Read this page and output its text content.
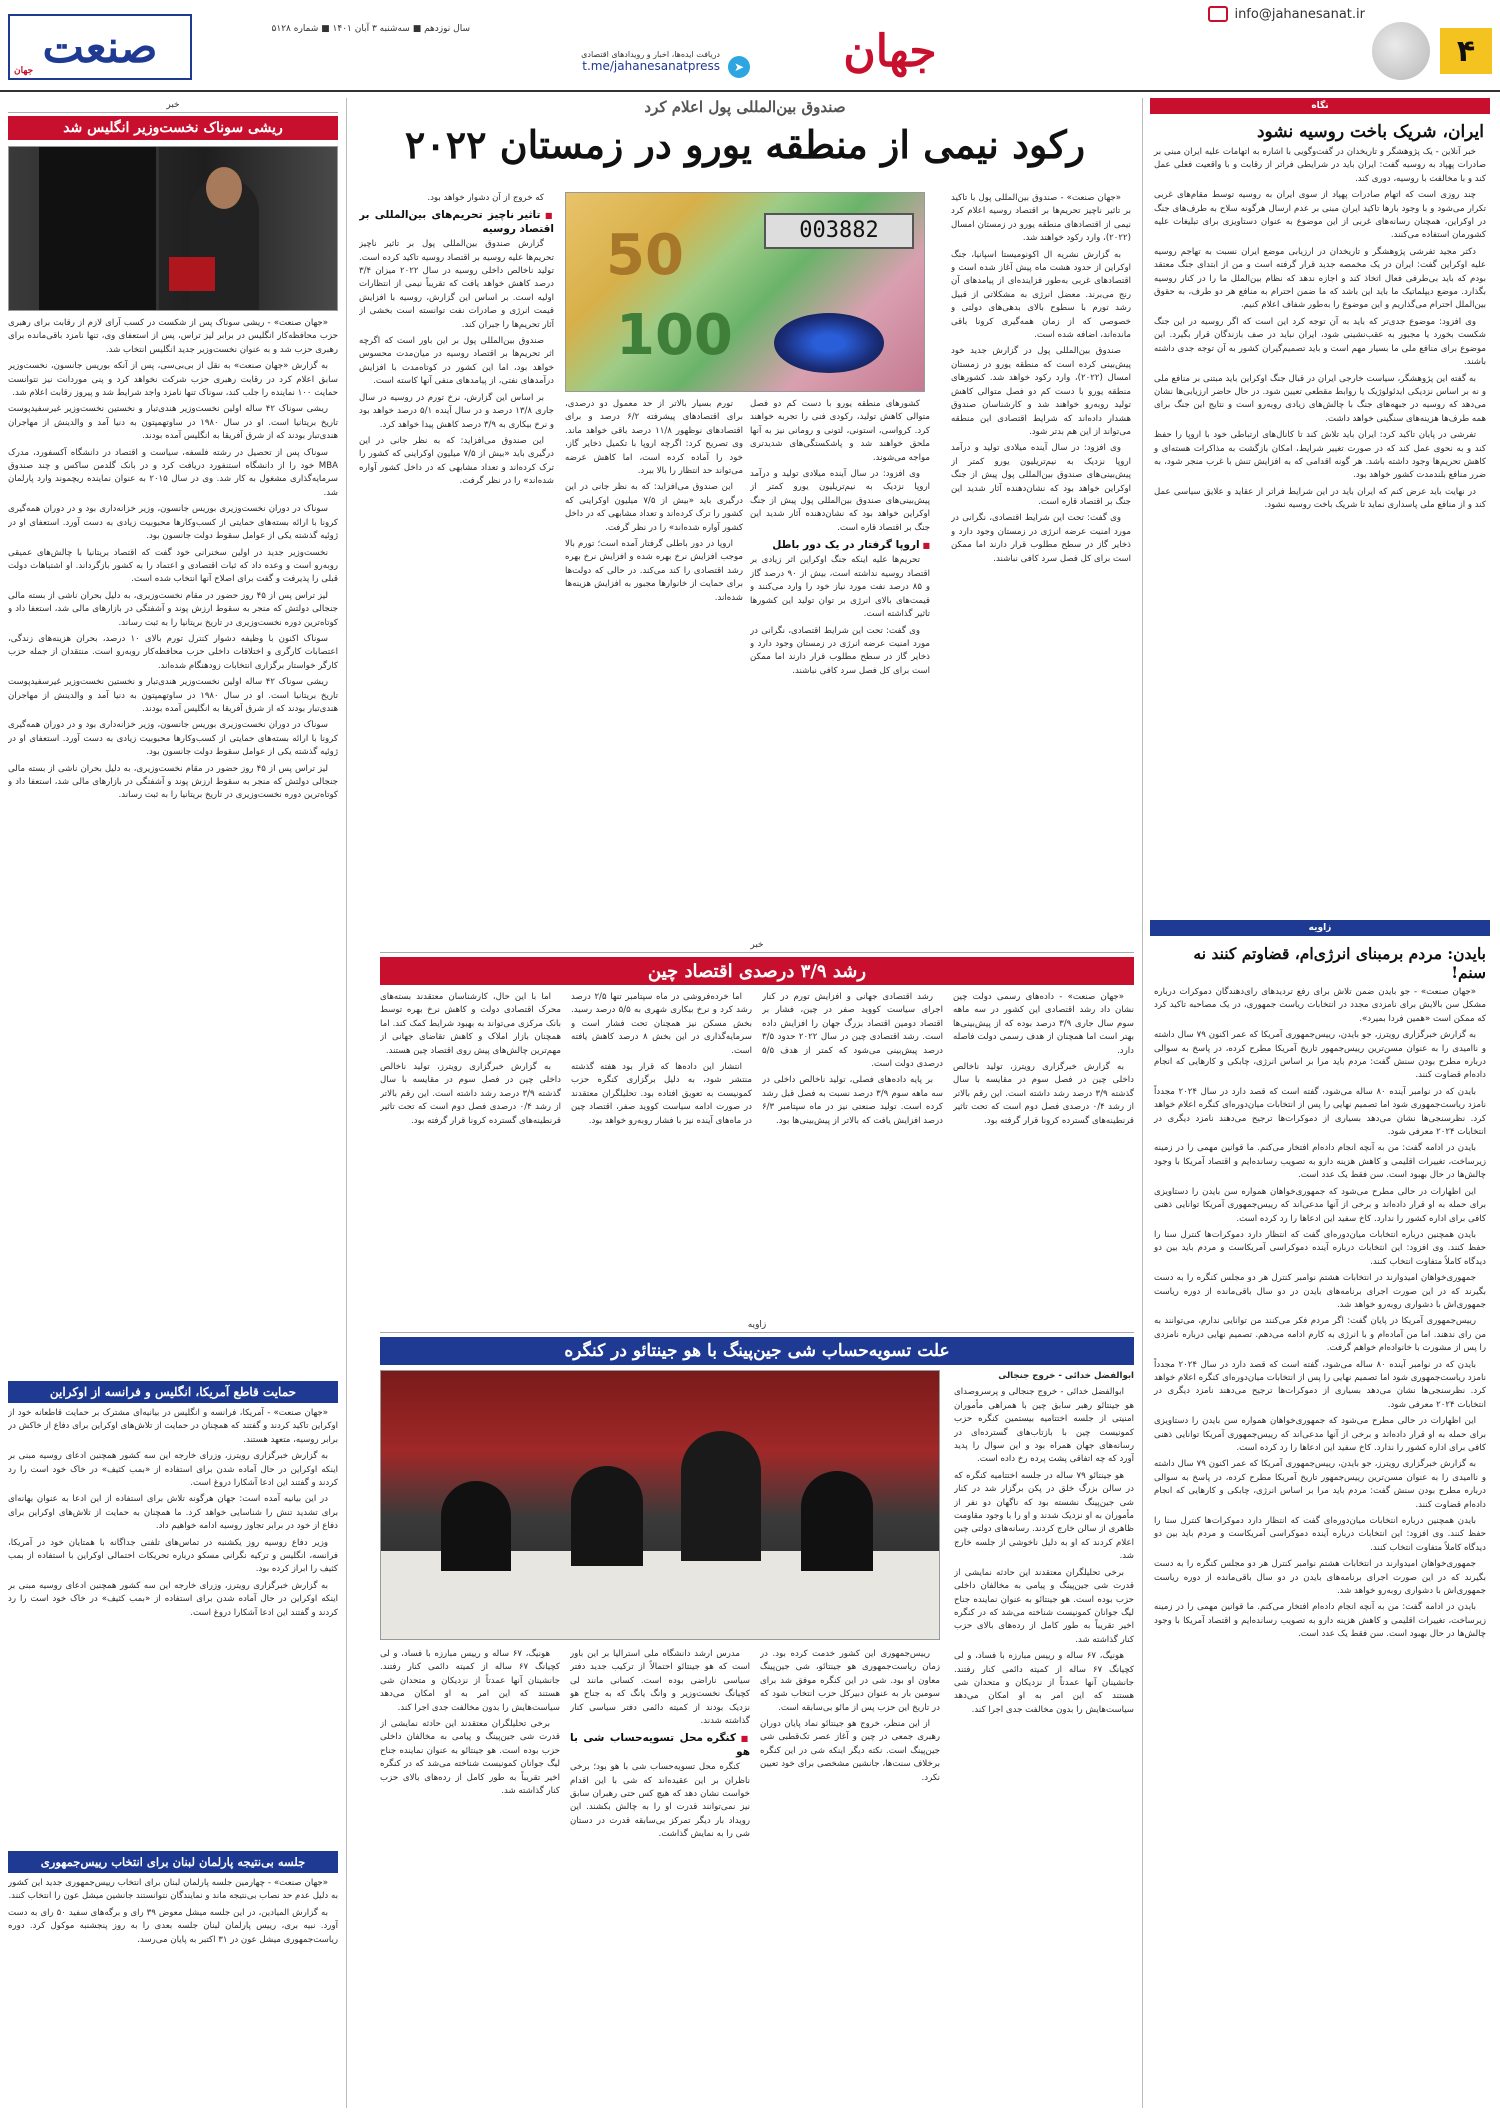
۴
info@jahanesanat.ir
جهان
دریافت ایده‌ها، اخبار و رویدادهای اقتصادی
t.me/jahanesanatpress	➤
سال نوزدهم ■ سه‌شنبه ۳ آبان ۱۴۰۱ ■ شماره ۵۱۲۸
صنعت
جهان
نگاه
ایران، شریک باخت روسیه نشود

خبر آنلاین - یک پژوهشگر و تاریخدان در گفت‌وگویی با اشاره به اتهامات علیه ایران مبنی بر صادرات پهپاد به روسیه گفت: ایران باید در شرایطی فراتر از رقابت و با واقعیت فعلی عمل کند و با مخالفت با روسیه، دوری کند.

چند روزی است که اتهام صادرات پهپاد از سوی ایران به روسیه توسط مقام‌های غربی تکرار می‌شود و با وجود بارها تاکید ایران مبنی بر عدم ارسال هرگونه سلاح به طرف‌های جنگ در اوکراین، همچنان رسانه‌های غربی از این موضوع به عنوان دستاویزی برای تبلیغات علیه کشورمان استفاده می‌کنند.

دکتر مجید تفرشی پژوهشگر و تاریخدان در ارزیابی موضع ایران نسبت به تهاجم روسیه علیه اوکراین گفت: ایران در یک مخمصه جدید قرار گرفته است و من از ابتدای جنگ معتقد بودم که باید بی‌طرفی فعال اتخاذ کند و اجازه ندهد که نظام بین‌الملل ما را در کنار روسیه بگذارد. موضع دیپلماتیک ما باید این باشد که ما ضمن احترام به منافع هر دو طرف، به حقوق بین‌الملل احترام می‌گذاریم و این موضوع را به‌طور شفاف اعلام کنیم.

وی افزود: موضوع جدی‌تر که باید به آن توجه کرد این است که اگر روسیه در این جنگ شکست بخورد یا مجبور به عقب‌نشینی شود، ایران نباید در صف بازندگان قرار بگیرد. این موضوع برای منافع ملی ما بسیار مهم است و باید تصمیم‌گیران کشور به آن توجه جدی داشته باشند.

به گفته این پژوهشگر، سیاست خارجی ایران در قبال جنگ اوکراین باید مبتنی بر منافع ملی و نه بر اساس نزدیکی ایدئولوژیک یا روابط مقطعی تعیین شود. در حال حاضر ارزیابی‌ها نشان می‌دهد که روسیه در جبهه‌های جنگ با چالش‌های زیادی روبه‌رو است و نتایج این جنگ برای همه طرف‌ها هزینه‌های سنگینی خواهد داشت.

تفرشی در پایان تاکید کرد: ایران باید تلاش کند تا کانال‌های ارتباطی خود با اروپا را حفظ کند و به نحوی عمل کند که در صورت تغییر شرایط، امکان بازگشت به مذاکرات هسته‌ای و کاهش تحریم‌ها وجود داشته باشد. هر گونه اقدامی که به افزایش تنش با غرب منجر شود، به ضرر منافع بلندمدت کشور خواهد بود.

در نهایت باید عرض کنم که ایران باید در این شرایط فراتر از عقاید و علایق سیاسی عمل کند و از منافع ملی پاسداری نماید تا شریک باخت روسیه نشود.

زاویه
بایدن: مردم برمبنای انرژی‌ام، قضاوتم کنند نه سنم!

«جهان صنعت» - جو بایدن ضمن تلاش برای رفع تردیدهای رای‌دهندگان دموکرات درباره مشکل سن بالایش برای نامزدی مجدد در انتخابات ریاست جمهوری، در یک مصاحبه تاکید کرد که ممکن است «همین فردا بمیرد».

به گزارش خبرگزاری رویترز، جو بایدن، رییس‌جمهوری آمریکا که عمر اکنون ۷۹ سال داشته و ناامیدی را به عنوان مسن‌ترین رییس‌جمهور تاریخ آمریکا مطرح کرده، در پاسخ به سوالی درباره مطرح بودن سنش گفت: مردم باید مرا بر اساس انرژی، چابکی و کارهایی که انجام داده‌ام قضاوت کنند.

بایدن که در نوامبر آینده ۸۰ ساله می‌شود، گفته است که قصد دارد در سال ۲۰۲۴ مجدداً نامزد ریاست‌جمهوری شود اما تصمیم نهایی را پس از انتخابات میان‌دوره‌ای کنگره اعلام خواهد کرد. نظرسنجی‌ها نشان می‌دهد بسیاری از دموکرات‌ها ترجیح می‌دهند نامزد دیگری در انتخابات ۲۰۲۴ معرفی شود.

بایدن در ادامه گفت: من به آنچه انجام داده‌ام افتخار می‌کنم. ما قوانین مهمی را در زمینه زیرساخت، تغییرات اقلیمی و کاهش هزینه دارو به تصویب رسانده‌ایم و اقتصاد آمریکا با وجود چالش‌ها در حال بهبود است. سن فقط یک عدد است.

این اظهارات در حالی مطرح می‌شود که جمهوری‌خواهان همواره سن بایدن را دستاویزی برای حمله به او قرار داده‌اند و برخی از آنها مدعی‌اند که رییس‌جمهوری آمریکا توانایی ذهنی کافی برای اداره کشور را ندارد. کاخ سفید این ادعاها را رد کرده است.

بایدن همچنین درباره انتخابات میان‌دوره‌ای گفت که انتظار دارد دموکرات‌ها کنترل سنا را حفظ کنند. وی افزود: این انتخابات درباره آینده دموکراسی آمریکاست و مردم باید بین دو دیدگاه کاملاً متفاوت انتخاب کنند.

جمهوری‌خواهان امیدوارند در انتخابات هشتم نوامبر کنترل هر دو مجلس کنگره را به دست بگیرند که در این صورت اجرای برنامه‌های بایدن در دو سال باقی‌مانده از دوره ریاست جمهوری‌اش با دشواری روبه‌رو خواهد شد.

رییس‌جمهوری آمریکا در پایان گفت: اگر مردم فکر می‌کنند من توانایی ندارم، می‌توانند به من رای ندهند. اما من آماده‌ام و با انرژی به کارم ادامه می‌دهم. تصمیم نهایی درباره نامزدی را پس از مشورت با خانواده‌ام خواهم گرفت.

بایدن که در نوامبر آینده ۸۰ ساله می‌شود، گفته است که قصد دارد در سال ۲۰۲۴ مجدداً نامزد ریاست‌جمهوری شود اما تصمیم نهایی را پس از انتخابات میان‌دوره‌ای کنگره اعلام خواهد کرد. نظرسنجی‌ها نشان می‌دهد بسیاری از دموکرات‌ها ترجیح می‌دهند نامزد دیگری در انتخابات ۲۰۲۴ معرفی شود.

این اظهارات در حالی مطرح می‌شود که جمهوری‌خواهان همواره سن بایدن را دستاویزی برای حمله به او قرار داده‌اند و برخی از آنها مدعی‌اند که رییس‌جمهوری آمریکا توانایی ذهنی کافی برای اداره کشور را ندارد. کاخ سفید این ادعاها را رد کرده است.

به گزارش خبرگزاری رویترز، جو بایدن، رییس‌جمهوری آمریکا که عمر اکنون ۷۹ سال داشته و ناامیدی را به عنوان مسن‌ترین رییس‌جمهور تاریخ آمریکا مطرح کرده، در پاسخ به سوالی درباره مطرح بودن سنش گفت: مردم باید مرا بر اساس انرژی، چابکی و کارهایی که انجام داده‌ام قضاوت کنند.

بایدن همچنین درباره انتخابات میان‌دوره‌ای گفت که انتظار دارد دموکرات‌ها کنترل سنا را حفظ کنند. وی افزود: این انتخابات درباره آینده دموکراسی آمریکاست و مردم باید بین دو دیدگاه کاملاً متفاوت انتخاب کنند.

جمهوری‌خواهان امیدوارند در انتخابات هشتم نوامبر کنترل هر دو مجلس کنگره را به دست بگیرند که در این صورت اجرای برنامه‌های بایدن در دو سال باقی‌مانده از دوره ریاست جمهوری‌اش با دشواری روبه‌رو خواهد شد.

بایدن در ادامه گفت: من به آنچه انجام داده‌ام افتخار می‌کنم. ما قوانین مهمی را در زمینه زیرساخت، تغییرات اقلیمی و کاهش هزینه دارو به تصویب رسانده‌ایم و اقتصاد آمریکا با وجود چالش‌ها در حال بهبود است. سن فقط یک عدد است.

صندوق بین‌المللی پول اعلام کرد
رکود نیمی از منطقه یورو در زمستان ۲۰۲۲
003882
50
100

«جهان صنعت» - صندوق بین‌المللی پول با تاکید بر تاثیر ناچیز تحریم‌ها بر اقتصاد روسیه اعلام کرد نیمی از اقتصادهای منطقه یورو در زمستان امسال (۲۰۲۲)، وارد رکود خواهند شد.

به گزارش نشریه ال اکونومیستا اسپانیا، جنگ اوکراین از حدود هشت ماه پیش آغاز شده است و اقتصادهای غربی به‌طور فزاینده‌ای از پیامدهای آن رنج می‌برند. معضل انرژی به مشکلاتی از قبیل رشد تورم با سطوح بالای بدهی‌های دولتی و خصوصی که از زمان همه‌گیری کرونا باقی مانده‌اند، اضافه شده است.

صندوق بین‌المللی پول در گزارش جدید خود پیش‌بینی کرده است که منطقه یورو در زمستان امسال (۲۰۲۲)، وارد رکود خواهد شد. کشورهای منطقه یورو با دست کم دو فصل متوالی کاهش تولید روبه‌رو خواهند شد و کارشناسان صندوق هشدار داده‌اند که شرایط اقتصادی این منطقه می‌تواند از این هم بدتر شود.

وی افزود: در سال آینده میلادی تولید و درآمد اروپا نزدیک به نیم‌تریلیون یورو کمتر از پیش‌بینی‌های صندوق بین‌المللی پول پیش از جنگ اوکراین خواهد بود که نشان‌دهنده آثار شدید این جنگ بر اقتصاد قاره است.

وی گفت: تحت این شرایط اقتصادی، نگرانی در مورد امنیت عرضه انرژی در زمستان وجود دارد و ذخایر گاز در سطح مطلوب قرار دارند اما ممکن است برای کل فصل سرد کافی نباشند.

که خروج از آن دشوار خواهد بود.

■ تاثیر ناچیز تحریم‌های بین‌المللی بر اقتصاد روسیه

گزارش صندوق بین‌المللی پول بر تاثیر ناچیز تحریم‌ها علیه روسیه بر اقتصاد روسیه تاکید کرده است. تولید ناخالص داخلی روسیه در سال ۲۰۲۲ میزان ۳/۴ درصد کاهش خواهد یافت که تقریباً نیمی از انتظارات اولیه است. بر اساس این گزارش، روسیه با افزایش قیمت انرژی و صادرات نفت توانسته است بخشی از آثار تحریم‌ها را جبران کند.

صندوق بین‌المللی پول بر این باور است که اگرچه اثر تحریم‌ها بر اقتصاد روسیه در میان‌مدت محسوس خواهد بود، اما این کشور در کوتاه‌مدت با افزایش درآمدهای نفتی، از پیامدهای منفی آنها کاسته است.

بر اساس این گزارش، نرخ تورم در روسیه در سال جاری ۱۳/۸ درصد و در سال آینده ۵/۱ درصد خواهد بود و نرخ بیکاری به ۳/۹ درصد کاهش پیدا خواهد کرد.

این صندوق می‌افزاید: که به نظر جانی در این درگیری باید «بیش از ۷/۵ میلیون اوکراینی که کشور را ترک کرده‌اند و تعداد مشابهی که در داخل کشور آواره شده‌اند» را در نظر گرفت.

کشورهای منطقه یورو با دست کم دو فصل متوالی کاهش تولید، رکودی فنی را تجربه خواهند کرد. کرواسی، استونی، لتونی و رومانی نیز به آنها ملحق خواهند شد و پاشکستگی‌های شدیدتری مواجه می‌شوند.

وی افزود: در سال آینده میلادی تولید و درآمد اروپا نزدیک به نیم‌تریلیون یورو کمتر از پیش‌بینی‌های صندوق بین‌المللی پول پیش از جنگ اوکراین خواهد بود که نشان‌دهنده آثار شدید این جنگ بر اقتصاد قاره است.

■ اروپا گرفتار در یک دور باطل

تحریم‌ها علیه اینکه جنگ اوکراین اثر زیادی بر اقتصاد روسیه نداشته است، بیش از ۹۰ درصد گاز و ۸۵ درصد نفت مورد نیاز خود را وارد می‌کنند و قیمت‌های بالای انرژی بر توان تولید این کشورها تاثیر گذاشته است.

وی گفت: تحت این شرایط اقتصادی، نگرانی در مورد امنیت عرضه انرژی در زمستان وجود دارد و ذخایر گاز در سطح مطلوب قرار دارند اما ممکن است برای کل فصل سرد کافی نباشند.

تورم بسیار بالاتر از حد معمول دو درصدی، برای اقتصادهای پیشرفته ۶/۲ درصد و برای اقتصادهای نوظهور ۱۱/۸ درصد باقی خواهد ماند. وی تصریح کرد: اگرچه اروپا با تکمیل ذخایر گاز، خود را آماده کرده است، اما کاهش عرضه می‌تواند حد انتظار را بالا ببرد.

این صندوق می‌افزاید: که به نظر جانی در این درگیری باید «بیش از ۷/۵ میلیون اوکراینی که کشور را ترک کرده‌اند و تعداد مشابهی که در داخل کشور آواره شده‌اند» را در نظر گرفت.

اروپا در دور باطلی گرفتار آمده است؛ تورم بالا موجب افزایش نرخ بهره شده و افزایش نرخ بهره رشد اقتصادی را کند می‌کند. در حالی که دولت‌ها برای حمایت از خانوارها مجبور به افزایش هزینه‌ها شده‌اند.

خبر
رشد ۳/۹ درصدی اقتصاد چین

«جهان صنعت» - داده‌های رسمی دولت چین نشان داد رشد اقتصادی این کشور در سه ماهه سوم سال جاری ۳/۹ درصد بوده که از پیش‌بینی‌ها بهتر است اما همچنان از هدف رسمی دولت فاصله دارد.

به گزارش خبرگزاری رویترز، تولید ناخالص داخلی چین در فصل سوم در مقایسه با سال گذشته ۳/۹ درصد رشد داشته است. این رقم بالاتر از رشد ۰/۴ درصدی فصل دوم است که تحت تاثیر قرنطینه‌های گسترده کرونا قرار گرفته بود.

رشد اقتصادی جهانی و افزایش تورم در کنار اجرای سیاست کووید صفر در چین، فشار بر اقتصاد دومین اقتصاد بزرگ جهان را افزایش داده است. رشد اقتصادی چین در سال ۲۰۲۲ حدود ۳/۵ درصد پیش‌بینی می‌شود که کمتر از هدف ۵/۵ درصدی دولت است.

بر پایه داده‌های فصلی، تولید ناخالص داخلی در سه ماهه سوم ۳/۹ درصد نسبت به فصل قبل رشد کرده است. تولید صنعتی نیز در ماه سپتامبر ۶/۳ درصد افزایش یافت که بالاتر از پیش‌بینی‌ها بود.

اما خرده‌فروشی در ماه سپتامبر تنها ۲/۵ درصد رشد کرد و نرخ بیکاری شهری به ۵/۵ درصد رسید. بخش مسکن نیز همچنان تحت فشار است و سرمایه‌گذاری در این بخش ۸ درصد کاهش یافته است.

انتشار این داده‌ها که قرار بود هفته گذشته منتشر شود، به دلیل برگزاری کنگره حزب کمونیست به تعویق افتاده بود. تحلیلگران معتقدند در صورت ادامه سیاست کووید صفر، اقتصاد چین در ماه‌های آینده نیز با فشار روبه‌رو خواهد بود.

اما با این حال، کارشناسان معتقدند بسته‌های محرک اقتصادی دولت و کاهش نرخ بهره توسط بانک مرکزی می‌تواند به بهبود شرایط کمک کند. اما همچنان بازار املاک و کاهش تقاضای جهانی از مهم‌ترین چالش‌های پیش روی اقتصاد چین هستند.

به گزارش خبرگزاری رویترز، تولید ناخالص داخلی چین در فصل سوم در مقایسه با سال گذشته ۳/۹ درصد رشد داشته است. این رقم بالاتر از رشد ۰/۴ درصدی فصل دوم است که تحت تاثیر قرنطینه‌های گسترده کرونا قرار گرفته بود.

زاویه
علت تسویه‌حساب شی جین‌پینگ با هو جینتائو در کنگره

ابوالفضل خدائی - خروج جنجالی

ابوالفضل خدائی - خروج جنجالی و پرسروصدای هو جینتائو رهبر سابق چین با همراهی مأموران امنیتی از جلسه اختتامیه بیستمین کنگره حزب کمونیست چین با بازتاب‌های گسترده‌ای در رسانه‌های جهان همراه بود و این سوال را پدید آورد که چه اتفاقی پشت پرده رخ داده است.

هو جینتائو ۷۹ ساله در جلسه اختتامیه کنگره که در سالن بزرگ خلق در پکن برگزار شد در کنار شی جین‌پینگ نشسته بود که ناگهان دو نفر از مأموران به او نزدیک شدند و او را با وجود مقاومت ظاهری از سالن خارج کردند. رسانه‌های دولتی چین اعلام کردند که او به دلیل ناخوشی از جلسه خارج شد.

برخی تحلیلگران معتقدند این حادثه نمایشی از قدرت شی جین‌پینگ و پیامی به مخالفان داخلی حزب بوده است. هو جینتائو به عنوان نماینده جناح لیگ جوانان کمونیست شناخته می‌شد که در کنگره اخیر تقریباً به طور کامل از رده‌های بالای حزب کنار گذاشته شد.

هونیگ، ۶۷ ساله و رییس مبارزه با فساد، و لی کچیانگ ۶۷ ساله از کمیته دائمی کنار رفتند. جانشینان آنها عمدتاً از نزدیکان و متحدان شی هستند که این امر به او امکان می‌دهد سیاست‌هایش را بدون مخالفت جدی اجرا کند.

رییس‌جمهوری این کشور خدمت کرده بود. در زمان ریاست‌جمهوری هو جینتائو، شی جین‌پینگ معاون او بود. شی در این کنگره موفق شد برای سومین بار به عنوان دبیرکل حزب انتخاب شود که در تاریخ این حزب پس از مائو بی‌سابقه است.

از این منظر، خروج هو جینتائو نماد پایان دوران رهبری جمعی در چین و آغاز عصر تک‌قطبی شی جین‌پینگ است. نکته دیگر اینکه شی در این کنگره برخلاف سنت‌ها، جانشین مشخصی برای خود تعیین نکرد.

مدرس ارشد دانشگاه ملی استرالیا بر این باور است که هو جینتائو احتمالاً از ترکیب جدید دفتر سیاسی ناراضی بوده است. کسانی مانند لی کچیانگ نخست‌وزیر و وانگ یانگ که به جناح هو نزدیک بودند از کمیته دائمی دفتر سیاسی کنار گذاشته شدند.

■ کنگره محل تسویه‌حساب شی با هو

کنگره محل تسویه‌حساب شی با هو بود؛ برخی ناظران بر این عقیده‌اند که شی با این اقدام خواست نشان دهد که هیچ کس حتی رهبران سابق نیز نمی‌توانند قدرت او را به چالش بکشند. این رویداد بار دیگر تمرکز بی‌سابقه قدرت در دستان شی را به نمایش گذاشت.

هونیگ، ۶۷ ساله و رییس مبارزه با فساد، و لی کچیانگ ۶۷ ساله از کمیته دائمی کنار رفتند. جانشینان آنها عمدتاً از نزدیکان و متحدان شی هستند که این امر به او امکان می‌دهد سیاست‌هایش را بدون مخالفت جدی اجرا کند.

برخی تحلیلگران معتقدند این حادثه نمایشی از قدرت شی جین‌پینگ و پیامی به مخالفان داخلی حزب بوده است. هو جینتائو به عنوان نماینده جناح لیگ جوانان کمونیست شناخته می‌شد که در کنگره اخیر تقریباً به طور کامل از رده‌های بالای حزب کنار گذاشته شد.

خبر
ریشی سوناک نخست‌وزیر انگلیس شد

«جهان صنعت» - ریشی سوناک پس از شکست در کسب آرای لازم از رقابت برای رهبری حزب محافظه‌کار انگلیس در برابر لیز تراس، پس از استعفای وی، تنها نامزد باقی‌مانده برای رهبری حزب شد و به عنوان نخست‌وزیر جدید انگلیس انتخاب شد.

به گزارش «جهان صنعت» به نقل از بی‌بی‌سی، پس از آنکه بوریس جانسون، نخست‌وزیر سابق اعلام کرد در رقابت رهبری حزب شرکت نخواهد کرد و پنی موردانت نیز نتوانست حمایت ۱۰۰ نماینده را جلب کند، سوناک تنها نامزد واجد شرایط شد و پیروز رقابت اعلام شد.

ریشی سوناک ۴۲ ساله اولین نخست‌وزیر هندی‌تبار و نخستین نخست‌وزیر غیرسفیدپوست تاریخ بریتانیا است. او در سال ۱۹۸۰ در ساوتهمپتون به دنیا آمد و والدینش از مهاجران هندی‌تبار بودند که از شرق آفریقا به انگلیس آمده بودند.

سوناک پس از تحصیل در رشته فلسفه، سیاست و اقتصاد در دانشگاه آکسفورد، مدرک MBA خود را از دانشگاه استنفورد دریافت کرد و در بانک گلدمن ساکس و چند صندوق سرمایه‌گذاری مشغول به کار شد. وی در سال ۲۰۱۵ به عنوان نماینده ریچموند وارد پارلمان شد.

سوناک در دوران نخست‌وزیری بوریس جانسون، وزیر خزانه‌داری بود و در دوران همه‌گیری کرونا با ارائه بسته‌های حمایتی از کسب‌وکارها محبوبیت زیادی به دست آورد. استعفای او در ژوئیه گذشته یکی از عوامل سقوط دولت جانسون بود.

نخست‌وزیر جدید در اولین سخنرانی خود گفت که اقتصاد بریتانیا با چالش‌های عمیقی روبه‌رو است و وعده داد که ثبات اقتصادی و اعتماد را به کشور بازگرداند. او اشتباهات دولت قبلی را پذیرفت و گفت برای اصلاح آنها انتخاب شده است.

لیز تراس پس از ۴۵ روز حضور در مقام نخست‌وزیری، به دلیل بحران ناشی از بسته مالی جنجالی دولتش که منجر به سقوط ارزش پوند و آشفتگی در بازارهای مالی شد، استعفا داد و کوتاه‌ترین دوره نخست‌وزیری در تاریخ بریتانیا را به ثبت رساند.

سوناک اکنون با وظیفه دشوار کنترل تورم بالای ۱۰ درصد، بحران هزینه‌های زندگی، اعتصابات کارگری و اختلافات داخلی حزب محافظه‌کار روبه‌رو است. منتقدان از جمله حزب کارگر خواستار برگزاری انتخابات زودهنگام شده‌اند.

ریشی سوناک ۴۲ ساله اولین نخست‌وزیر هندی‌تبار و نخستین نخست‌وزیر غیرسفیدپوست تاریخ بریتانیا است. او در سال ۱۹۸۰ در ساوتهمپتون به دنیا آمد و والدینش از مهاجران هندی‌تبار بودند که از شرق آفریقا به انگلیس آمده بودند.

سوناک در دوران نخست‌وزیری بوریس جانسون، وزیر خزانه‌داری بود و در دوران همه‌گیری کرونا با ارائه بسته‌های حمایتی از کسب‌وکارها محبوبیت زیادی به دست آورد. استعفای او در ژوئیه گذشته یکی از عوامل سقوط دولت جانسون بود.

لیز تراس پس از ۴۵ روز حضور در مقام نخست‌وزیری، به دلیل بحران ناشی از بسته مالی جنجالی دولتش که منجر به سقوط ارزش پوند و آشفتگی در بازارهای مالی شد، استعفا داد و کوتاه‌ترین دوره نخست‌وزیری در تاریخ بریتانیا را به ثبت رساند.

حمایت قاطع آمریکا، انگلیس و فرانسه از اوکراین

«جهان صنعت» - آمریکا، فرانسه و انگلیس در بیانیه‌ای مشترک بر حمایت قاطعانه خود از اوکراین تاکید کردند و گفتند که همچنان در حمایت از تلاش‌های اوکراین برای دفاع از خاکش در برابر روسیه، متعهد هستند.

به گزارش خبرگزاری رویترز، وزرای خارجه این سه کشور همچنین ادعای روسیه مبنی بر اینکه اوکراین در حال آماده شدن برای استفاده از «بمب کثیف» در خاک خود است را رد کردند و گفتند این ادعا آشکارا دروغ است.

در این بیانیه آمده است: جهان هرگونه تلاش برای استفاده از این ادعا به عنوان بهانه‌ای برای تشدید تنش را شناسایی خواهد کرد. ما همچنان به حمایت از تلاش‌های اوکراین برای دفاع از خود در برابر تجاوز روسیه ادامه خواهیم داد.

وزیر دفاع روسیه روز یکشنبه در تماس‌های تلفنی جداگانه با همتایان خود در آمریکا، فرانسه، انگلیس و ترکیه نگرانی مسکو درباره تحریکات احتمالی اوکراین با استفاده از بمب کثیف را ابراز کرده بود.

به گزارش خبرگزاری رویترز، وزرای خارجه این سه کشور همچنین ادعای روسیه مبنی بر اینکه اوکراین در حال آماده شدن برای استفاده از «بمب کثیف» در خاک خود است را رد کردند و گفتند این ادعا آشکارا دروغ است.

جلسه بی‌نتیجه پارلمان لبنان برای انتخاب رییس‌جمهوری

«جهان صنعت» - چهارمین جلسه پارلمان لبنان برای انتخاب رییس‌جمهوری جدید این کشور به دلیل عدم حد نصاب بی‌نتیجه ماند و نمایندگان نتوانستند جانشین میشل عون را انتخاب کنند.

به گزارش المیادین، در این جلسه میشل معوض ۳۹ رای و برگه‌های سفید ۵۰ رای به دست آورد. نبیه بری، رییس پارلمان لبنان جلسه بعدی را به روز پنجشنبه موکول کرد. دوره ریاست‌جمهوری میشل عون در ۳۱ اکتبر به پایان می‌رسد.
